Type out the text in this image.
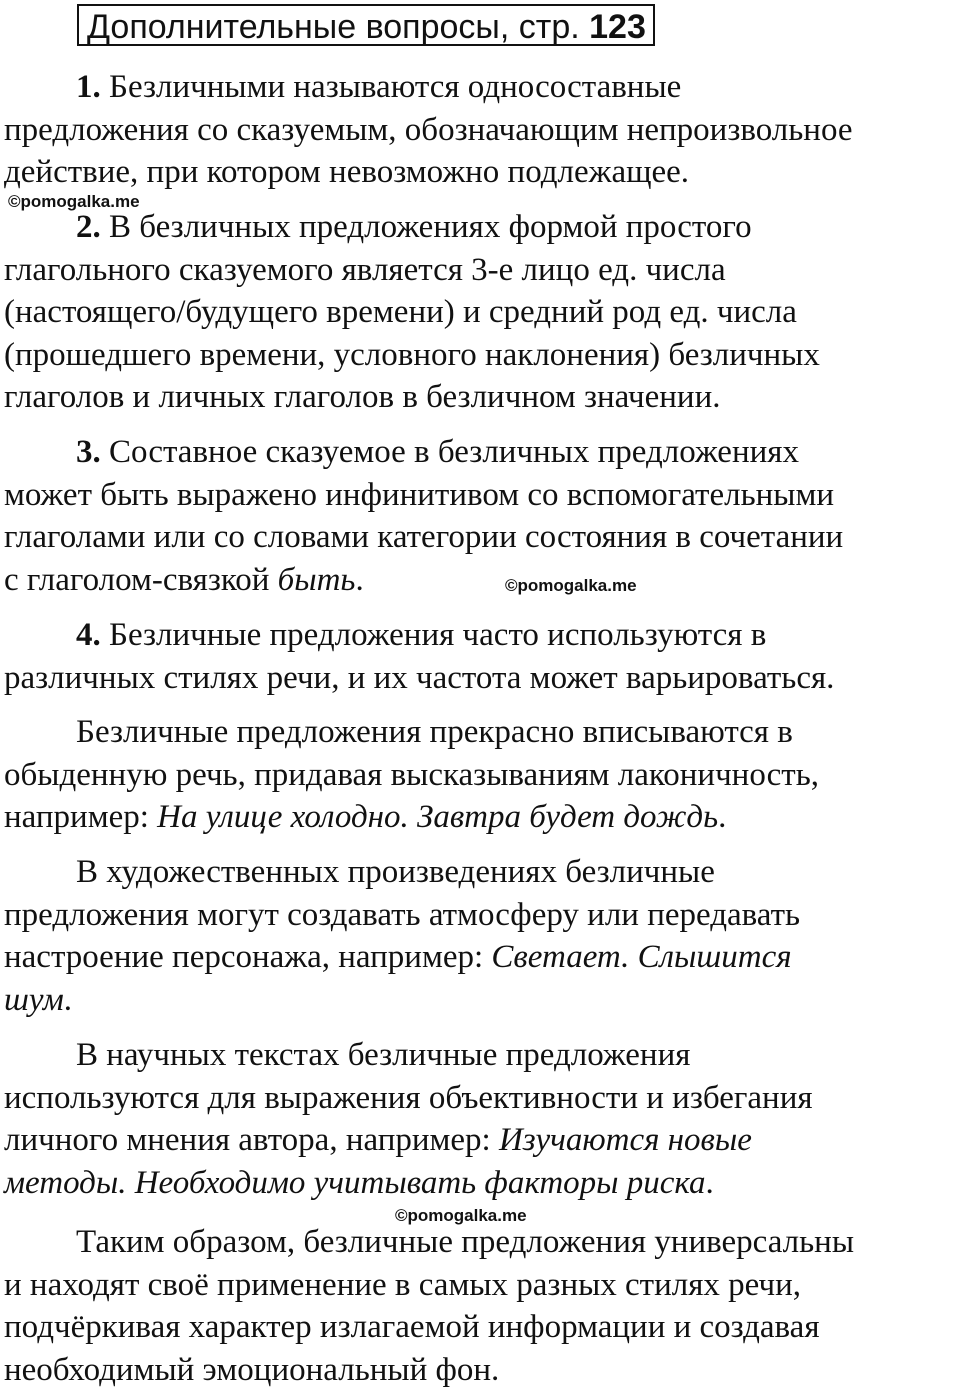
Дополнительные вопросы, стр. 123

1. Безличными называются односоставные
предложения со сказуемым, обозначающим непроизвольное
действие, при котором невозможно подлежащее.

©pomogalka.me

2. В безличных предложениях формой простого
глагольного сказуемого является 3-е лицо ед. числа
(настоящего/будущего времени) и средний род ед. числа
(прошедшего времени, условного наклонения) безличных
глаголов и личных глаголов в безличном значении.

3. Составное сказуемое в безличных предложениях
может быть выражено инфинитивом со вспомогательными
глаголами или со словами категории состояния в сочетании
с глаголом-связкой быть.	©pomogalka.me

4. Безличные предложения часто используются в
различных стилях речи, и их частота может варьироваться.

Безличные предложения прекрасно вписываются в
обыденную речь, придавая высказываниям лаконичность,
например: На улице холодно. Завтра будет дождь.

В художественных произведениях безличные
предложения могут создавать атмосферу или передавать
настроение персонажа, например: Светает. Слышится
шум.

В научных текстах безличные предложения
используются для выражения объективности и избегания
личного мнения автора, например: Изучаются новые
методы. Необходимо учитывать факторы риска.

©pomogalka.me

Таким образом, безличные предложения универсальны
и находят своё применение в самых разных стилях речи,
подчёркивая характер излагаемой информации и создавая
необходимый эмоциональный фон.
